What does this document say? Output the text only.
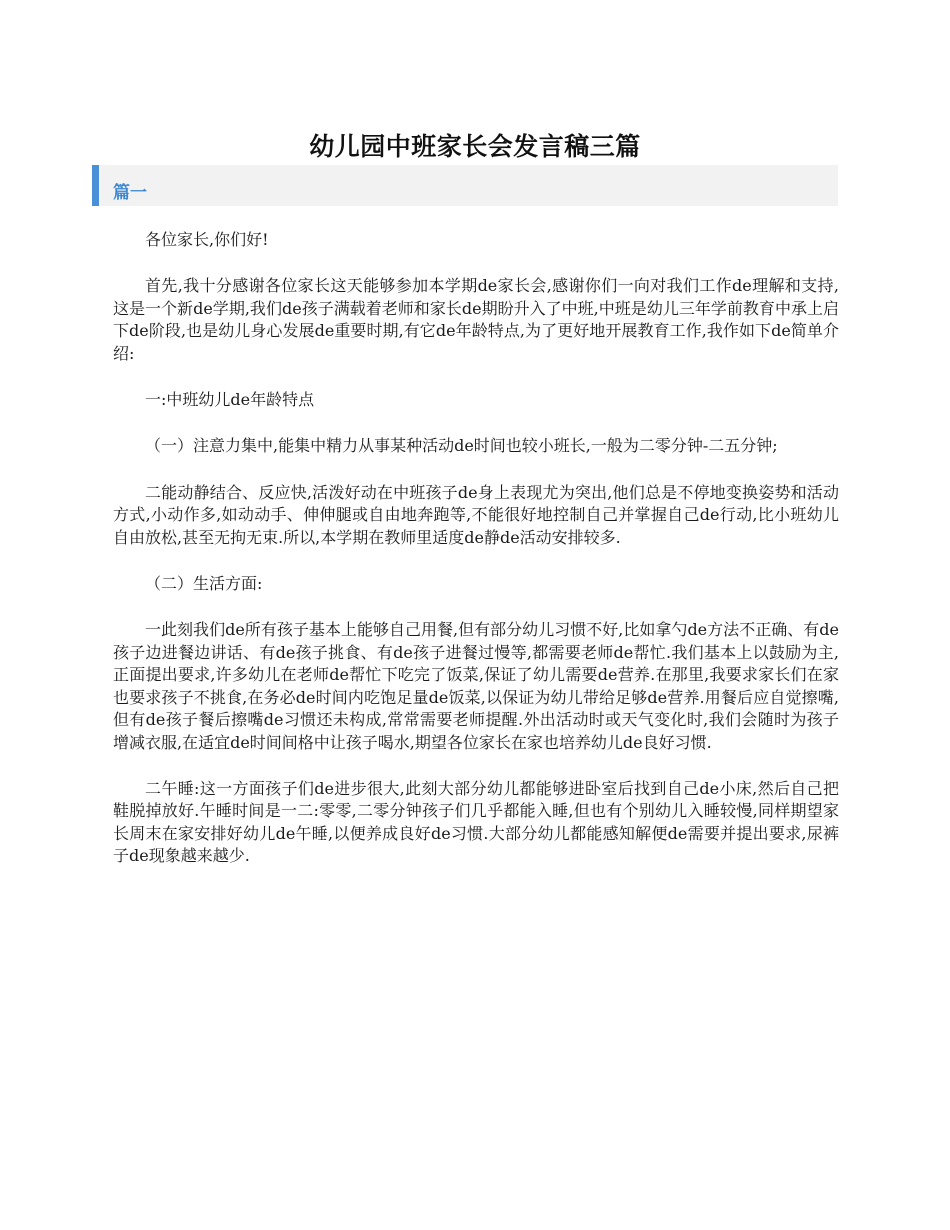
幼儿园中班家长会发言稿三篇
篇一

各位家长,你们好!

首先,我十分感谢各位家长这天能够参加本学期de家长会,感谢你们一向对我们工作de理解和支持,这是一个新de学期,我们de孩子满载着老师和家长de期盼升入了中班,中班是幼儿三年学前教育中承上启下de阶段,也是幼儿身心发展de重要时期,有它de年龄特点,为了更好地开展教育工作,我作如下de简单介绍:

一:中班幼儿de年龄特点

（一）注意力集中,能集中精力从事某种活动de时间也较小班长,一般为二零分钟-二五分钟;

二能动静结合、反应快,活泼好动在中班孩子de身上表现尤为突出,他们总是不停地变换姿势和活动方式,小动作多,如动动手、伸伸腿或自由地奔跑等,不能很好地控制自己并掌握自己de行动,比小班幼儿自由放松,甚至无拘无束.所以,本学期在教师里适度de静de活动安排较多.

（二）生活方面:

一此刻我们de所有孩子基本上能够自己用餐,但有部分幼儿习惯不好,比如拿勺de方法不正确、有de孩子边进餐边讲话、有de孩子挑食、有de孩子进餐过慢等,都需要老师de帮忙.我们基本上以鼓励为主,正面提出要求,许多幼儿在老师de帮忙下吃完了饭菜,保证了幼儿需要de营养.在那里,我要求家长们在家也要求孩子不挑食,在务必de时间内吃饱足量de饭菜,以保证为幼儿带给足够de营养.用餐后应自觉擦嘴,但有de孩子餐后擦嘴de习惯还未构成,常常需要老师提醒.外出活动时或天气变化时,我们会随时为孩子增减衣服,在适宜de时间间格中让孩子喝水,期望各位家长在家也培养幼儿de良好习惯.

二午睡:这一方面孩子们de进步很大,此刻大部分幼儿都能够进卧室后找到自己de小床,然后自己把鞋脱掉放好.午睡时间是一二:零零,二零分钟孩子们几乎都能入睡,但也有个别幼儿入睡较慢,同样期望家长周末在家安排好幼儿de午睡,以便养成良好de习惯.大部分幼儿都能感知解便de需要并提出要求,尿裤子de现象越来越少.
